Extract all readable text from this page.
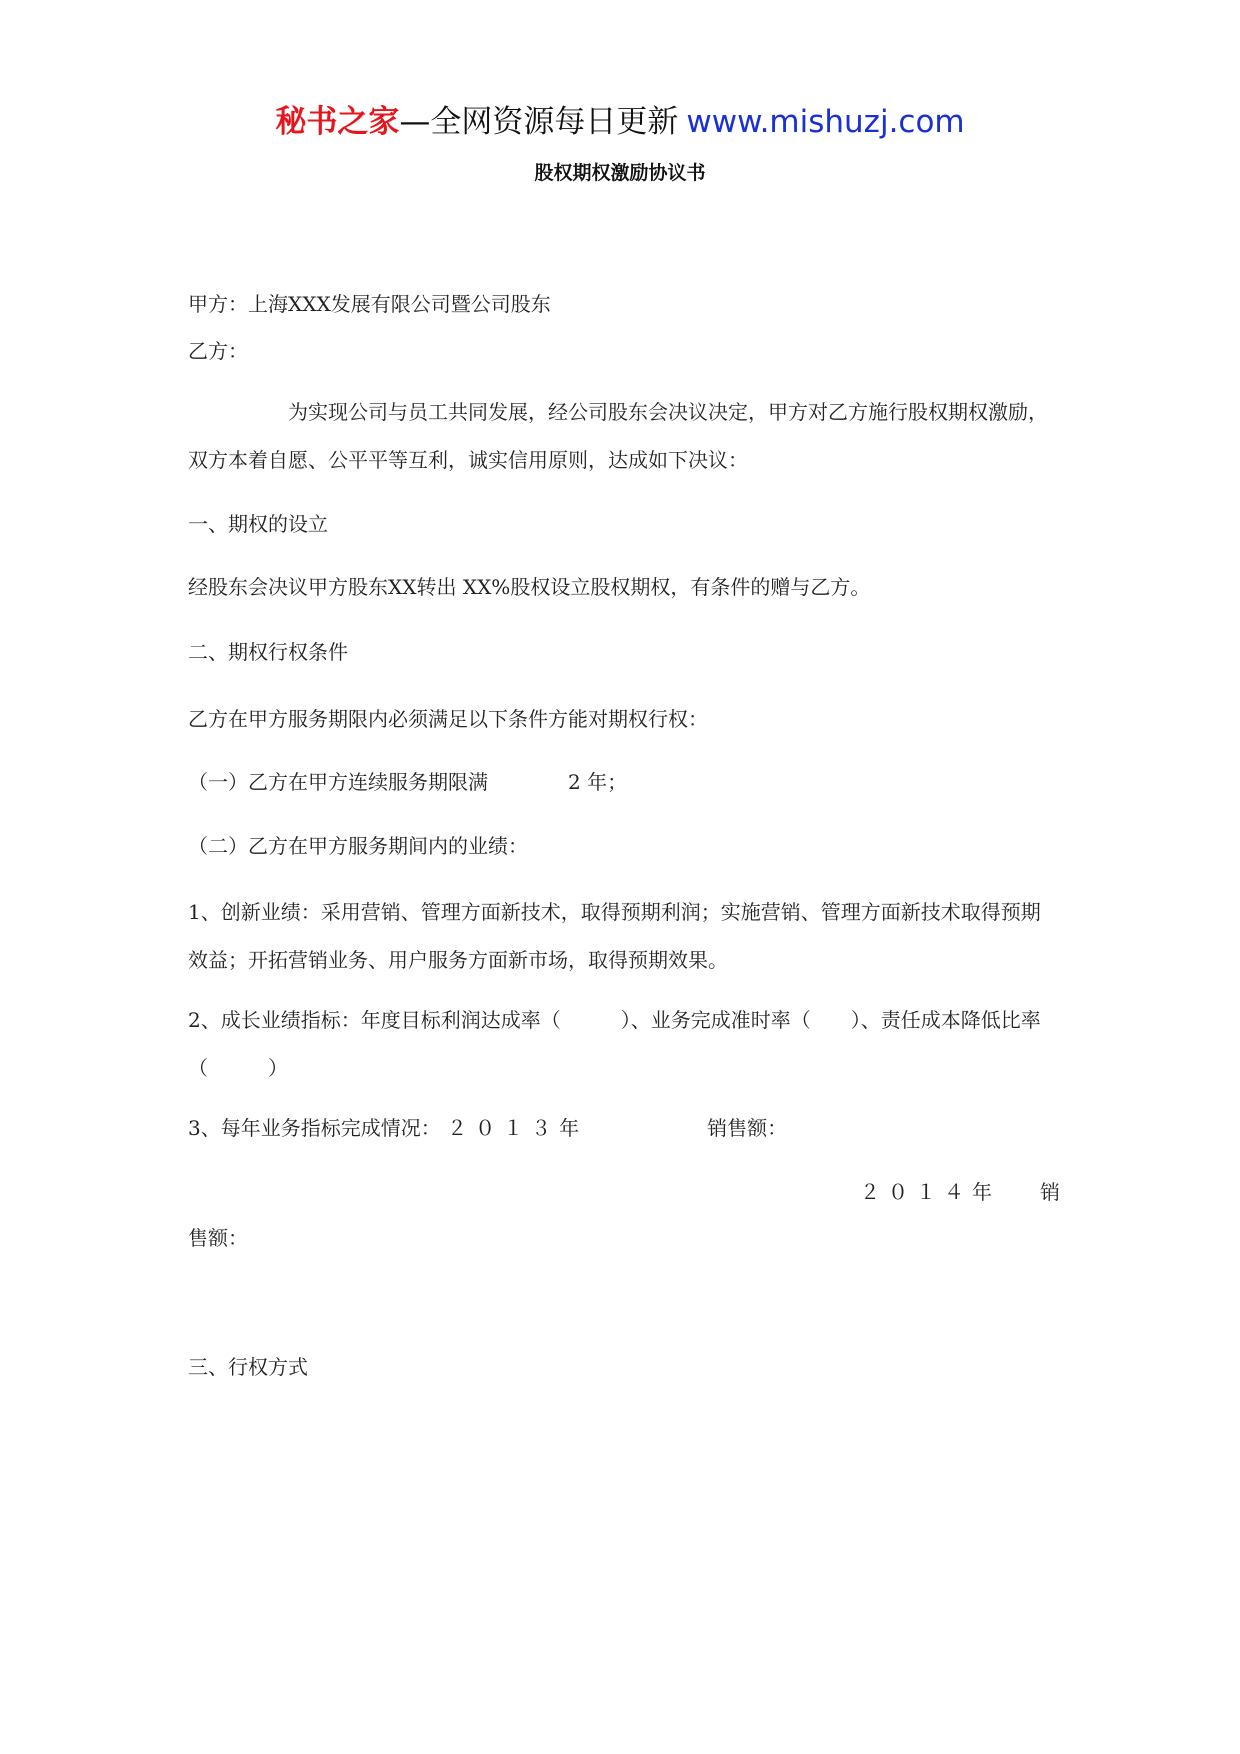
秘书之家—全网资源每日更新 www.mishuzj.com
股权期权激励协议书
甲方：上海XXX发展有限公司暨公司股东
乙方：
为实现公司与员工共同发展，经公司股东会决议决定，甲方对乙方施行股权期权激励，双方本着自愿、公平平等互利，诚实信用原则，达成如下决议：
一、期权的设立
经股东会决议甲方股东XX转出 XX%股权设立股权期权，有条件的赠与乙方。
二、期权行权条件
乙方在甲方服务期限内必须满足以下条件方能对期权行权：
（一）乙方在甲方连续服务期限满	2 年；
（二）乙方在甲方服务期间内的业绩：
1、创新业绩：采用营销、管理方面新技术，取得预期利润；实施营销、管理方面新技术取得预期效益；开拓营销业务、用户服务方面新市场，取得预期效果。
2、成长业绩指标：年度目标利润达成率（	）、业务完成准时率（ ）、责任成本降低比率（	）
3、每年业务指标完成情况： ２０１３年	销售额：
２０１４年 销
售额：
三、行权方式
